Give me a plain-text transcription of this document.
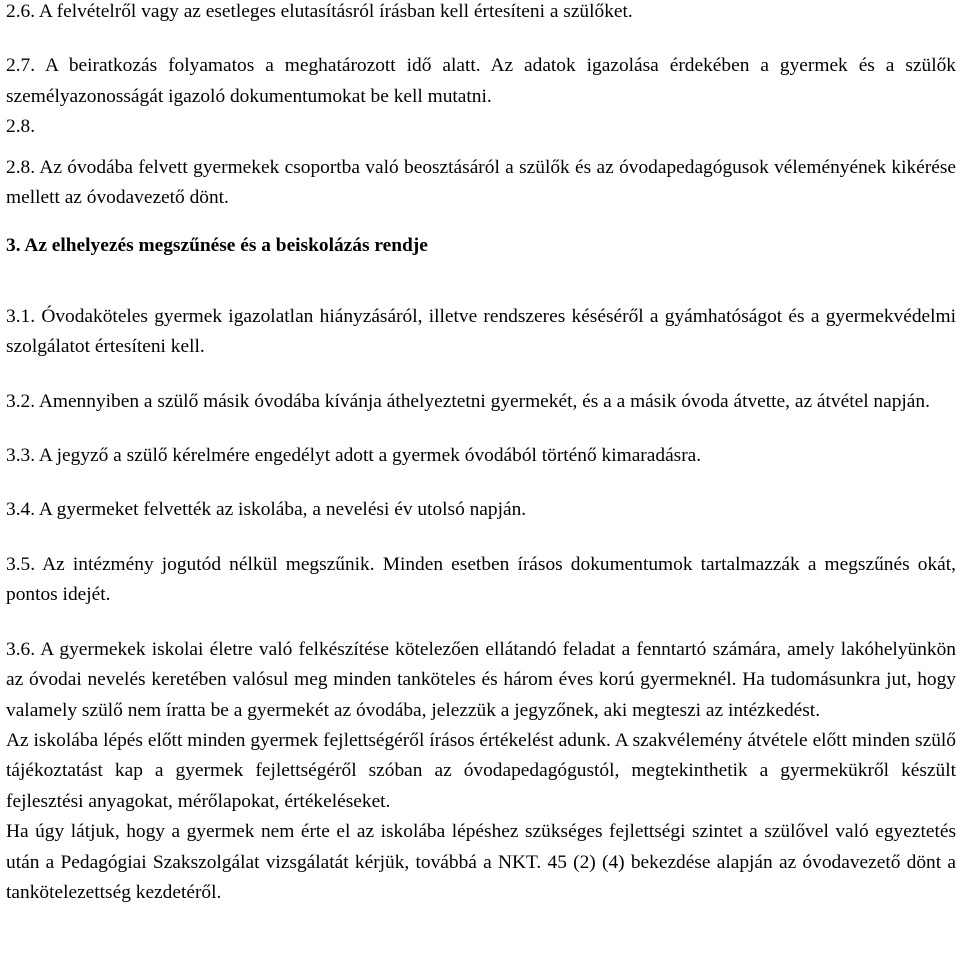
2.6. A felvételről vagy az esetleges elutasításról írásban kell értesíteni a szülőket.

2.7. A beiratkozás folyamatos a meghatározott idő alatt. Az adatok igazolása érdekében a gyermek és a szülők személyazonosságát igazoló dokumentumokat be kell mutatni.

2.8.

2.8. Az óvodába felvett gyermekek csoportba való beosztásáról a szülők és az óvodapedagógusok véleményének kikérése mellett az óvodavezető dönt.

3. Az elhelyezés megszűnése és a beiskolázás rendje

3.1. Óvodaköteles gyermek igazolatlan hiányzásáról, illetve rendszeres késéséről a gyámhatóságot és a gyermekvédelmi szolgálatot értesíteni kell.

3.2. Amennyiben a szülő másik óvodába kívánja áthelyeztetni gyermekét, és a a másik óvoda átvette, az átvétel napján.

3.3. A jegyző a szülő kérelmére engedélyt adott a gyermek óvodából történő kimaradásra.

3.4. A gyermeket felvették az iskolába, a nevelési év utolsó napján.

3.5. Az intézmény jogutód nélkül megszűnik. Minden esetben írásos dokumentumok tartalmazzák a megszűnés okát, pontos idejét.

3.6. A gyermekek iskolai életre való felkészítése kötelezően ellátandó feladat a fenntartó számára, amely lakóhelyünkön az óvodai nevelés keretében valósul meg minden tanköteles és három éves korú gyermeknél. Ha tudomásunkra jut, hogy valamely szülő nem íratta be a gyermekét az óvodába, jelezzük a jegyzőnek, aki megteszi az intézkedést.

Az iskolába lépés előtt minden gyermek fejlettségéről írásos értékelést adunk. A szakvélemény átvétele előtt minden szülő tájékoztatást kap a gyermek fejlettségéről szóban az óvodapedagógustól, megtekinthetik a gyermekükről készült fejlesztési anyagokat, mérőlapokat, értékeléseket.

Ha úgy látjuk, hogy a gyermek nem érte el az iskolába lépéshez szükséges fejlettségi szintet a szülővel való egyeztetés után a Pedagógiai Szakszolgálat vizsgálatát kérjük, továbbá a NKT. 45 (2) (4) bekezdése alapján az óvodavezető dönt a tankötelezettség kezdetéről.
